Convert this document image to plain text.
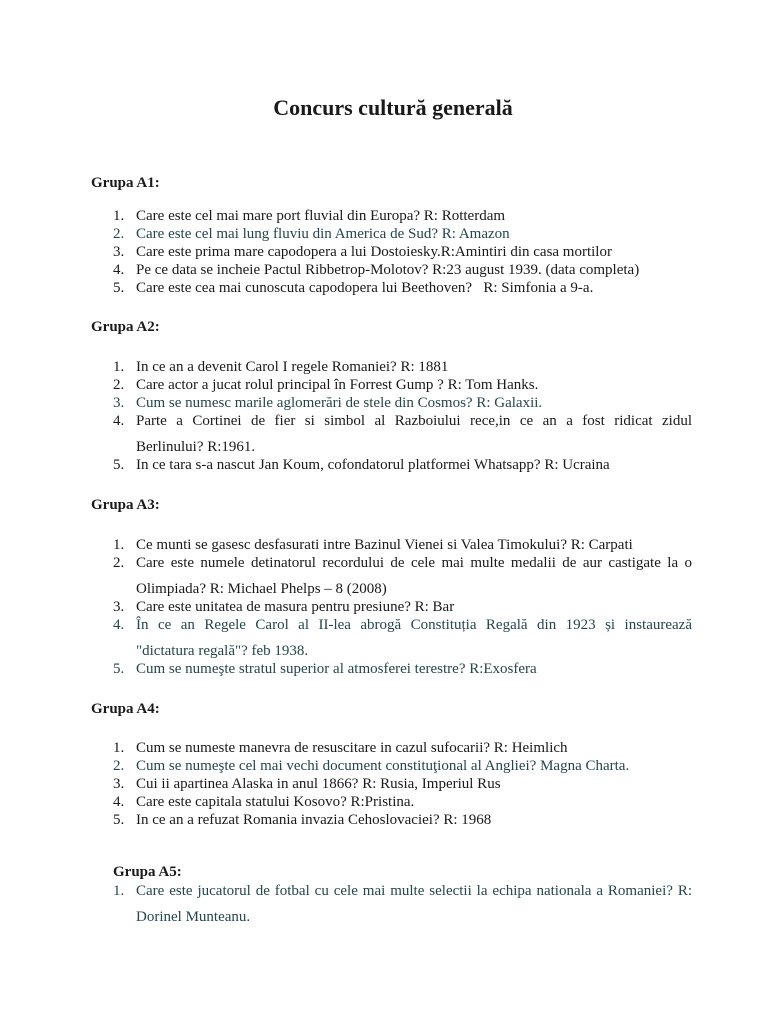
Concurs cultură generală
Grupa A1:
1. Care este cel mai mare port fluvial din Europa? R: Rotterdam
2. Care este cel mai lung fluviu din America de Sud? R: Amazon
3. Care este prima mare capodopera a lui Dostoiesky.R:Amintiri din casa mortilor
4. Pe ce data se incheie Pactul Ribbetrop-Molotov? R:23 august 1939. (data completa)
5. Care este cea mai cunoscuta capodopera lui Beethoven?   R: Simfonia a 9-a.
Grupa A2:
1. In ce an a devenit Carol I regele Romaniei? R: 1881
2. Care actor a jucat rolul principal în Forrest Gump ? R: Tom Hanks.
3. Cum se numesc marile aglomerări de stele din Cosmos? R: Galaxii.
4. Parte a Cortinei de fier si simbol al Razboiului rece,in ce an a fost ridicat zidul
Berlinului? R:1961.
5. In ce tara s-a nascut Jan Koum, cofondatorul platformei Whatsapp? R: Ucraina
Grupa A3:
1. Ce munti se gasesc desfasurati intre Bazinul Vienei si Valea Timokului? R: Carpati
2. Care este numele detinatorul recordului de cele mai multe medalii de aur castigate la o
Olimpiada? R: Michael Phelps – 8 (2008)
3. Care este unitatea de masura pentru presiune? R: Bar
4. În ce an Regele Carol al II-lea abrogă Constituția Regală din 1923 și instaurează
"dictatura regală"? feb 1938.
5. Cum se numeşte stratul superior al atmosferei terestre? R:Exosfera
Grupa A4:
1. Cum se numeste manevra de resuscitare in cazul sufocarii? R: Heimlich
2. Cum se numeşte cel mai vechi document constituţional al Angliei? Magna Charta.
3. Cui ii apartinea Alaska in anul 1866? R: Rusia, Imperiul Rus
4. Care este capitala statului Kosovo? R:Pristina.
5. In ce an a refuzat Romania invazia Cehoslovaciei? R: 1968
Grupa A5:
1. Care este jucatorul de fotbal cu cele mai multe selectii la echipa nationala a Romaniei? R:
Dorinel Munteanu.
